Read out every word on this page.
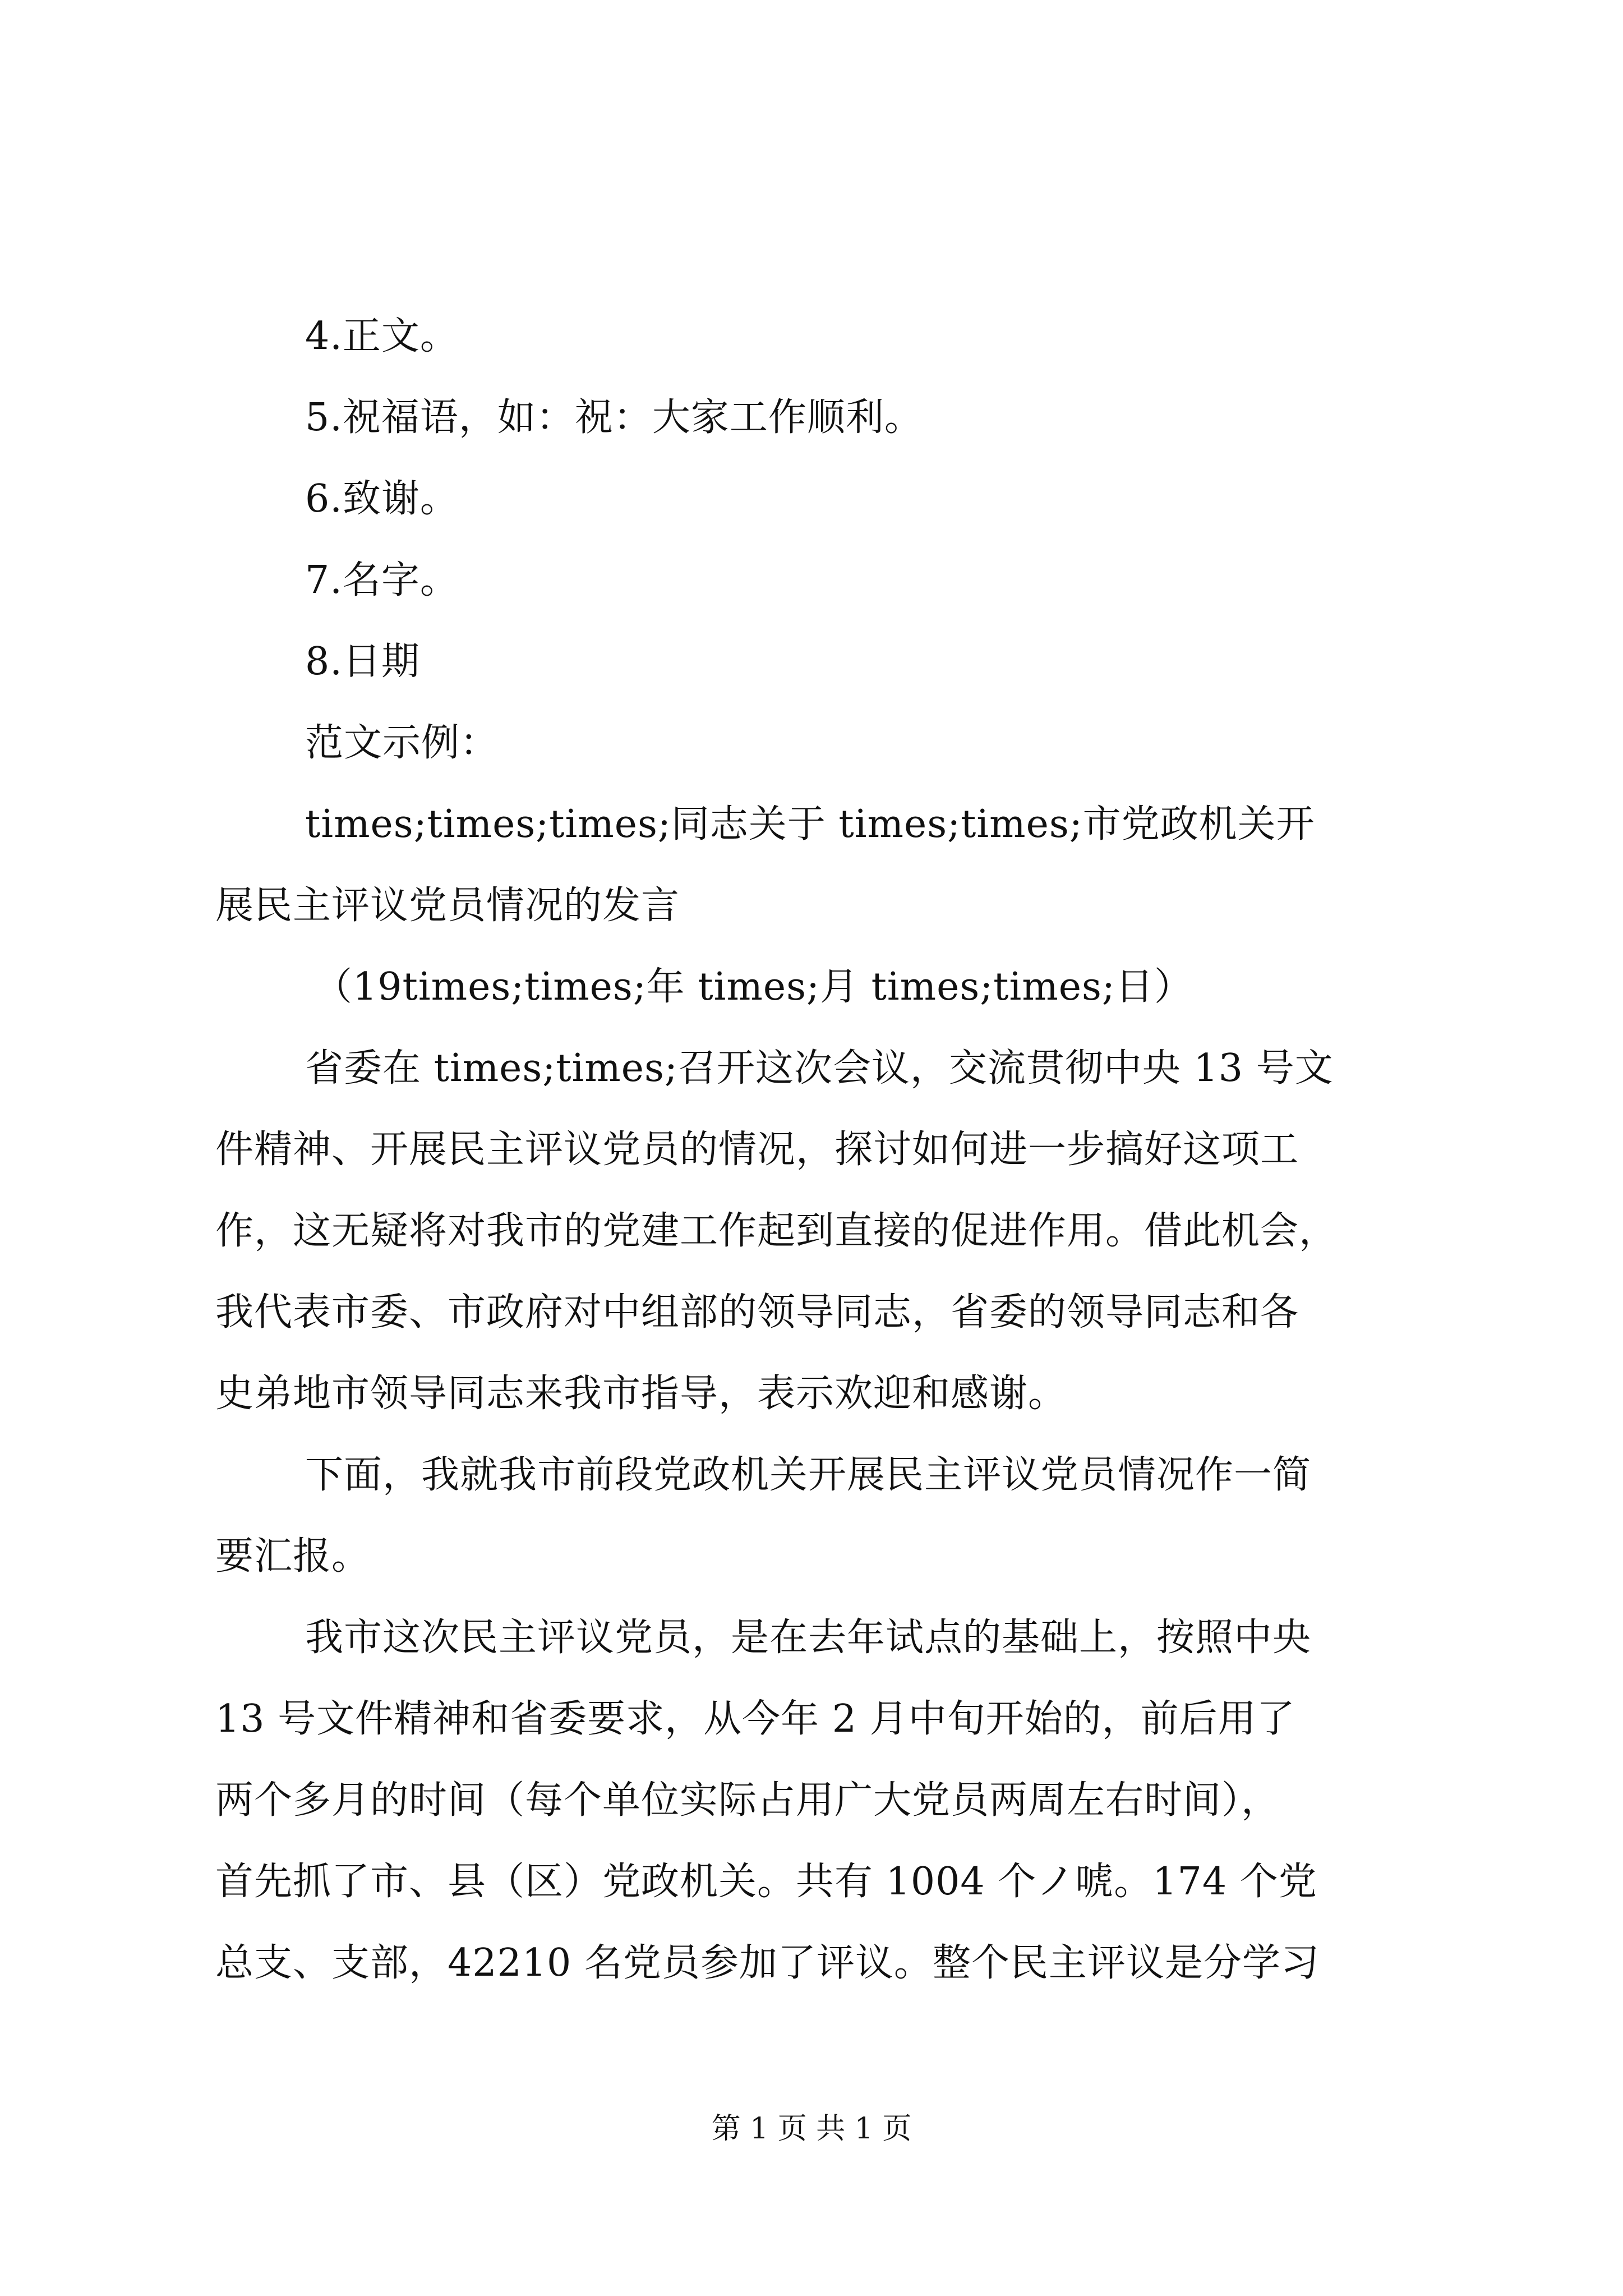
4.正文。
5.祝福语，如：祝：大家工作顺利。
6.致谢。
7.名字。
8.日期
范文示例：
times;times;times;同志关于 times;times;市党政机关开
展民主评议党员情况的发言
（19times;times;年 times;月 times;times;日）
省委在 times;times;召开这次会议，交流贯彻中央 13 号文
件精神、开展民主评议党员的情况，探讨如何进一步搞好这项工
作，这无疑将对我市的党建工作起到直接的促进作用。借此机会，
我代表市委、市政府对中组部的领导同志，省委的领导同志和各
史弟地市领导同志来我市指导，表示欢迎和感谢。
下面，我就我市前段党政机关开展民主评议党员情况作一简
要汇报。
我市这次民主评议党员，是在去年试点的基础上，按照中央
13 号文件精神和省委要求，从今年 2 月中旬开始的，前后用了
两个多月的时间（每个单位实际占用广大党员两周左右时间），
首先抓了市、县（区）党政机关。共有 1004 个ノ唬。174 个党
总支、支部，42210 名党员参加了评议。整个民主评议是分学习
第 1 页 共 1 页
